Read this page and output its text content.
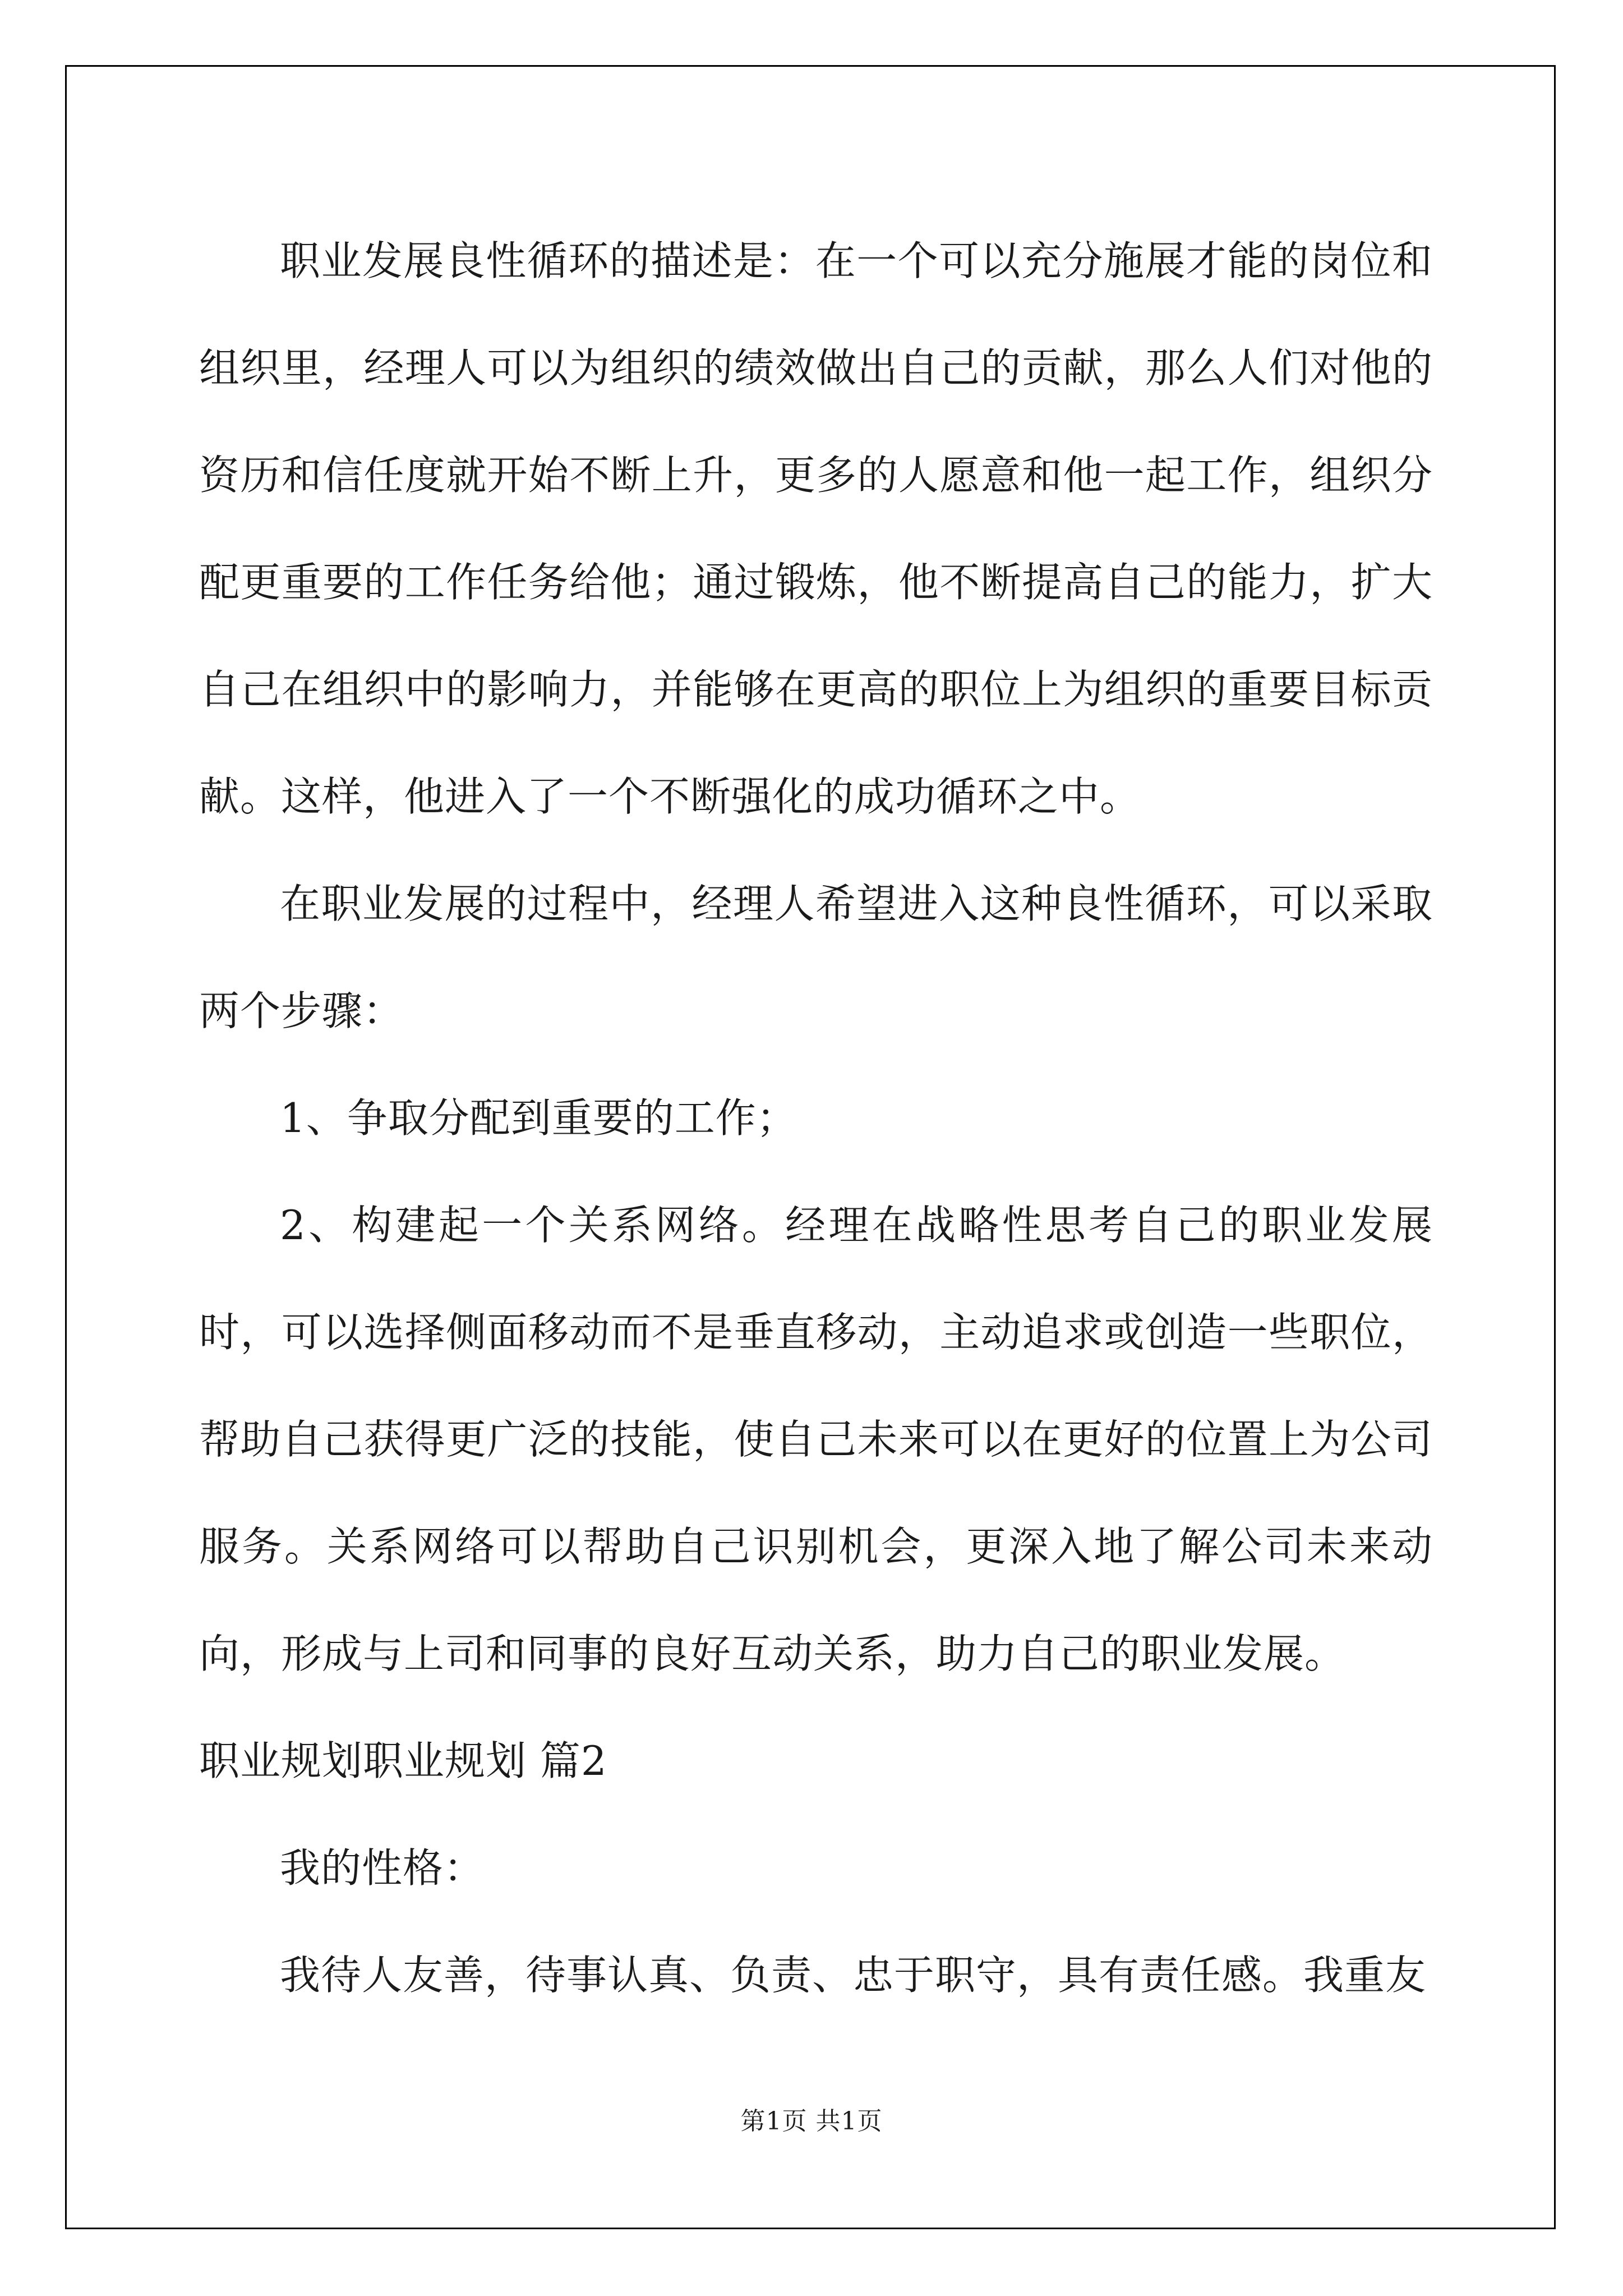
职业发展良性循环的描述是：在一个可以充分施展才能的岗位和组织里，经理人可以为组织的绩效做出自己的贡献，那么人们对他的资历和信任度就开始不断上升，更多的人愿意和他一起工作，组织分配更重要的工作任务给他；通过锻炼，他不断提高自己的能力，扩大自己在组织中的影响力，并能够在更高的职位上为组织的重要目标贡献。这样，他进入了一个不断强化的成功循环之中。

在职业发展的过程中，经理人希望进入这种良性循环，可以采取两个步骤：

1、争取分配到重要的工作；

2、构建起一个关系网络。经理在战略性思考自己的职业发展时，可以选择侧面移动而不是垂直移动，主动追求或创造一些职位，帮助自己获得更广泛的技能，使自己未来可以在更好的位置上为公司服务。关系网络可以帮助自己识别机会，更深入地了解公司未来动向，形成与上司和同事的良好互动关系，助力自己的职业发展。

职业规划职业规划 篇2

我的性格：

我待人友善，待事认真、负责、忠于职守，具有责任感。我重友

第1页 共1页
